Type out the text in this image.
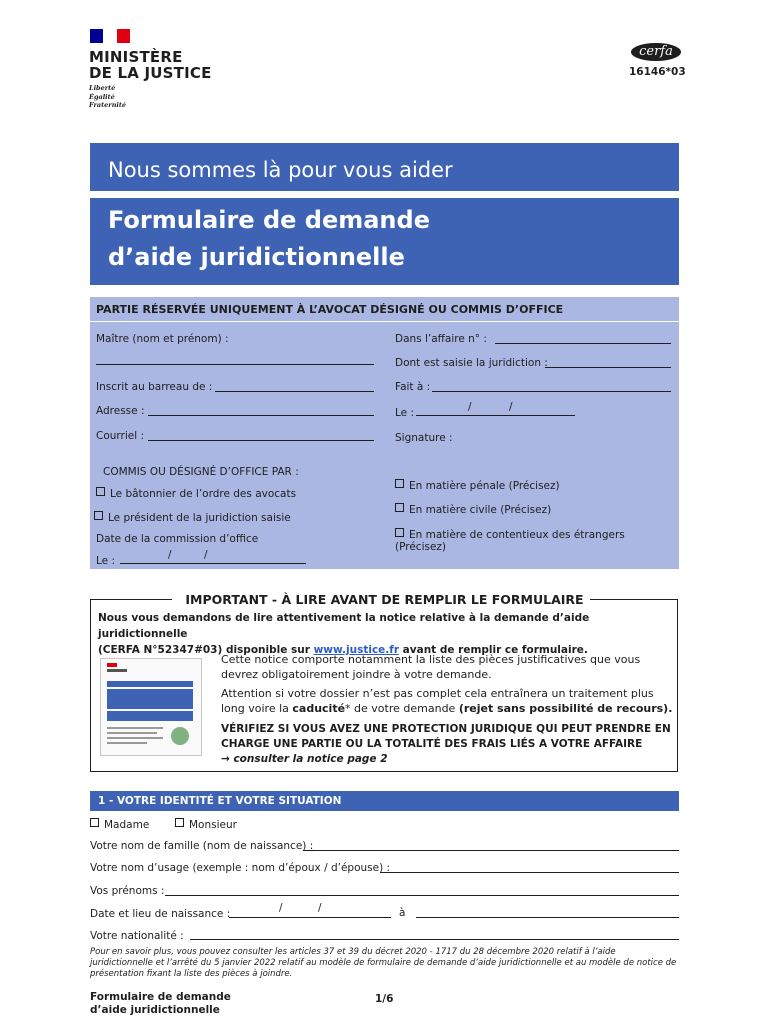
MINISTÈRE
DE LA JUSTICE
Liberté
Égalité
Fraternité
cerfa
16146*03
Nous sommes là pour vous aider
Formulaire de demande
d’aide juridictionnelle
PARTIE RÉSERVÉE UNIQUEMENT À L’AVOCAT DÉSIGNÉ OU COMMIS D’OFFICE
Maître (nom et prénom) :
Inscrit au barreau de :
Adresse :
Courriel :
Dans l’affaire n° :
Dont est saisie la juridiction :
Fait à :
Le :	/	/
Signature :
COMMIS OU DÉSIGNÉ D’OFFICE PAR :
Le bâtonnier de l’ordre des avocats
Le président de la juridiction saisie
Date de la commission d’office
Le :	/	/
En matière pénale (Précisez)
En matière civile (Précisez)
En matière de contentieux des étrangers (Précisez)
IMPORTANT - À LIRE AVANT DE REMPLIR LE FORMULAIRE
Nous vous demandons de lire attentivement la notice relative à la demande d’aide juridictionnelle
(CERFA N°52347#03) disponible sur www.justice.fr avant de remplir ce formulaire.
Cette notice comporte notamment la liste des pièces justificatives que vous
devrez obligatoirement joindre à votre demande.
Attention si votre dossier n’est pas complet cela entraînera un traitement plus
long voire la caducité* de votre demande (rejet sans possibilité de recours).
VÉRIFIEZ SI VOUS AVEZ UNE PROTECTION JURIDIQUE QUI PEUT PRENDRE EN
CHARGE UNE PARTIE OU LA TOTALITÉ DES FRAIS LIÉS A VOTRE AFFAIRE
→ consulter la notice page 2
1 - VOTRE IDENTITÉ ET VOTRE SITUATION
Madame	Monsieur
Votre nom de famille (nom de naissance) :
Votre nom d’usage (exemple : nom d’époux / d’épouse) :
Vos prénoms :
Date et lieu de naissance :	/	/	à
Votre nationalité :
Pour en savoir plus, vous pouvez consulter les articles 37 et 39 du décret 2020 - 1717 du 28 décembre 2020 relatif à l’aide juridictionnelle et l’arrêté du 5 janvier 2022 relatif au modèle de formulaire de demande d’aide juridictionnelle et au modèle de notice de présentation fixant la liste des pièces à joindre.
Formulaire de demande
d’aide juridictionnelle
1/6
